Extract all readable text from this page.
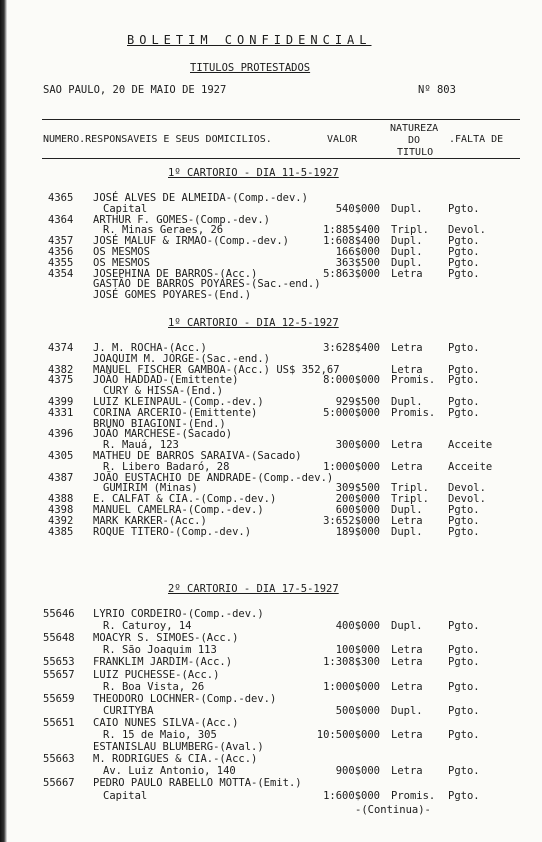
BOLETIM CONFIDENCIAL
TITULOS PROTESTADOS
SAO PAULO, 20 DE MAIO DE 1927	Nº 803
NUMERO.RESPONSAVEIS E SEUS DOMICILIOS.	VALOR
NATUREZA
DO
TITULO
.FALTA DE
1º CARTORIO - DIA 11-5-1927
4365 JOSÉ ALVES DE ALMEIDA-(Comp.-dev.)
Capital	540$000 Dupl. Pgto.
4364 ARTHUR F. GOMES-(Comp.-dev.)
R. Minas Geraes, 26	1:885$400 Tripl. Devol.
4357 JOSÉ MALUF & IRMAO-(Comp.-dev.)	1:608$400 Dupl. Pgto.
4356 OS MESMOS	166$000 Dupl. Pgto.
4355 OS MESMOS	363$500 Dupl. Pgto.
4354 JOSEPHINA DE BARROS-(Acc.)	5:863$000 Letra Pgto.
GASTÃO DE BARROS POYARES-(Sac.-end.)
JOSÉ GOMES POYARES-(End.)
1º CARTORIO - DIA 12-5-1927
4374 J. M. ROCHA-(Acc.)	3:628$400 Letra Pgto.
JOAQUIM M. JORGE-(Sac.-end.)
4382 MANUEL FISCHER GAMBOA-(Acc.) US$ 352,67	Letra Pgto.
4375 JOÃO HADDAD-(Emittente)	8:000$000 Promis. Pgto.
CURY & HISSA-(End.)
4399 LUIZ KLEINPAUL-(Comp.-dev.)	929$500 Dupl. Pgto.
4331 CORINA ARCERIO-(Emittente)	5:000$000 Promis. Pgto.
BRUNO BIAGIONI-(End.)
4396 JOÃO MARCHESE-(Sacado)
R. Mauá, 123	300$000 Letra Acceite
4305 MATHEU DE BARROS SARAIVA-(Sacado)
R. Libero Badaró, 28	1:000$000 Letra Acceite
4387 JOÃO EUSTACHIO DE ANDRADE-(Comp.-dev.)
GUMIRIM (Minas)	309$500 Tripl. Devol.
4388 E. CALFAT & CIA.-(Comp.-dev.)	200$000 Tripl. Devol.
4398 MANUEL CAMELRA-(Comp.-dev.)	600$000 Dupl. Pgto.
4392 MARK KARKER-(Acc.)	3:652$000 Letra Pgto.
4385 ROQUE TITERO-(Comp.-dev.)	189$000 Dupl. Pgto.
2º CARTORIO - DIA 17-5-1927
55646 LYRIO CORDEIRO-(Comp.-dev.)
R. Caturoy, 14	400$000 Dupl. Pgto.
55648 MOACYR S. SIMOES-(Acc.)
R. São Joaquim 113	100$000 Letra Pgto.
55653 FRANKLIM JARDIM-(Acc.)	1:308$300 Letra Pgto.
55657 LUIZ PUCHESSE-(Acc.)
R. Boa Vista, 26	1:000$000 Letra Pgto.
55659 THEODORO LOCHNER-(Comp.-dev.)
CURITYBA	500$000 Dupl. Pgto.
55651 CAIO NUNES SILVA-(Acc.)
R. 15 de Maio, 305	10:500$000 Letra Pgto.
ESTANISLAU BLUMBERG-(Aval.)
55663 M. RODRIGUES & CIA.-(Acc.)
Av. Luiz Antonio, 140	900$000 Letra Pgto.
55667 PEDRO PAULO RABELLO MOTTA-(Emit.)
Capital	1:600$000 Promis. Pgto.
-(Continua)-
